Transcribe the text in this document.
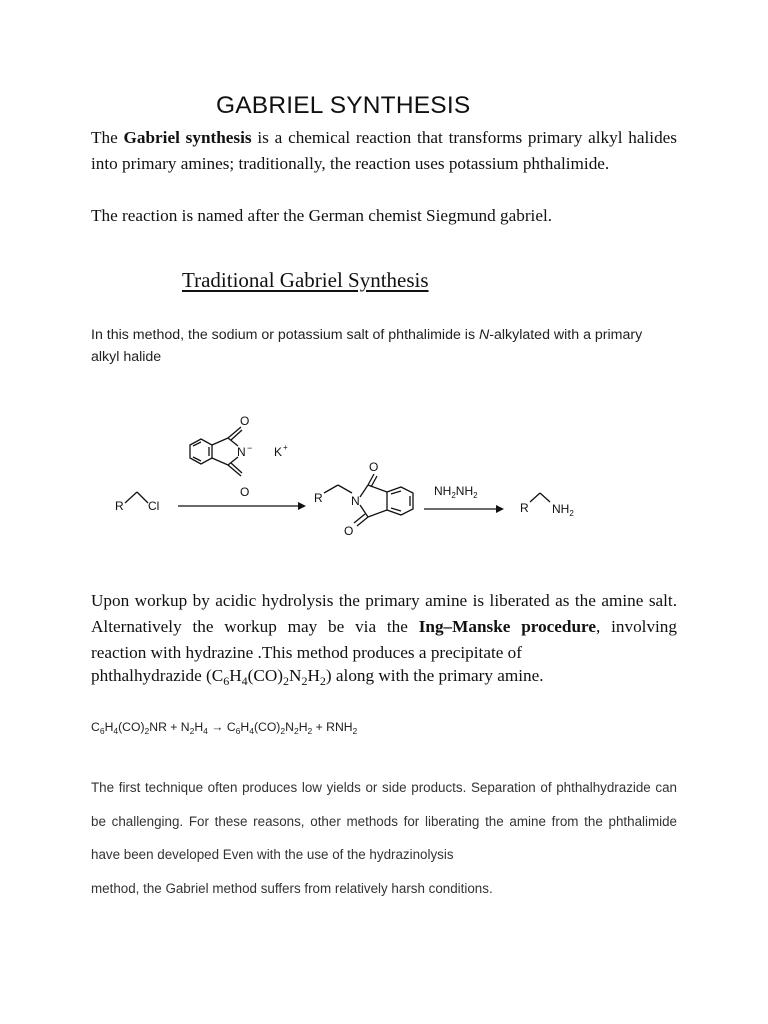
GABRIEL SYNTHESIS

The Gabriel synthesis is a chemical reaction that transforms primary alkyl halides into primary amines; traditionally, the reaction uses potassium phthalimide.

The reaction is named after the German chemist Siegmund gabriel.

Traditional Gabriel Synthesis
In this method, the sodium or potassium salt of phthalimide is N-alkylated with a primary alkyl halide
R Cl
O
O
N − K +
R N
O
O
$NH_2NH_2$
R $NH_2$

Upon workup by acidic hydrolysis the primary amine is liberated as the amine salt. Alternatively the workup may be via the Ing–Manske procedure, involving reaction with hydrazine .This method produces a precipitate of

phthalhydrazide $(C_6H_4(CO)_2N_2H_2)$ along with the primary amine.
$C_6H_4(CO)_2NR + N_2H_4 \to C_6H_4(CO)_2N_2H_2 + RNH_2$
The first technique often produces low yields or side products. Separation of phthalhydrazide can be challenging. For these reasons, other methods for liberating the amine from the phthalimide have been developed Even with the use of the hydrazinolysis
method, the Gabriel method suffers from relatively harsh conditions.
